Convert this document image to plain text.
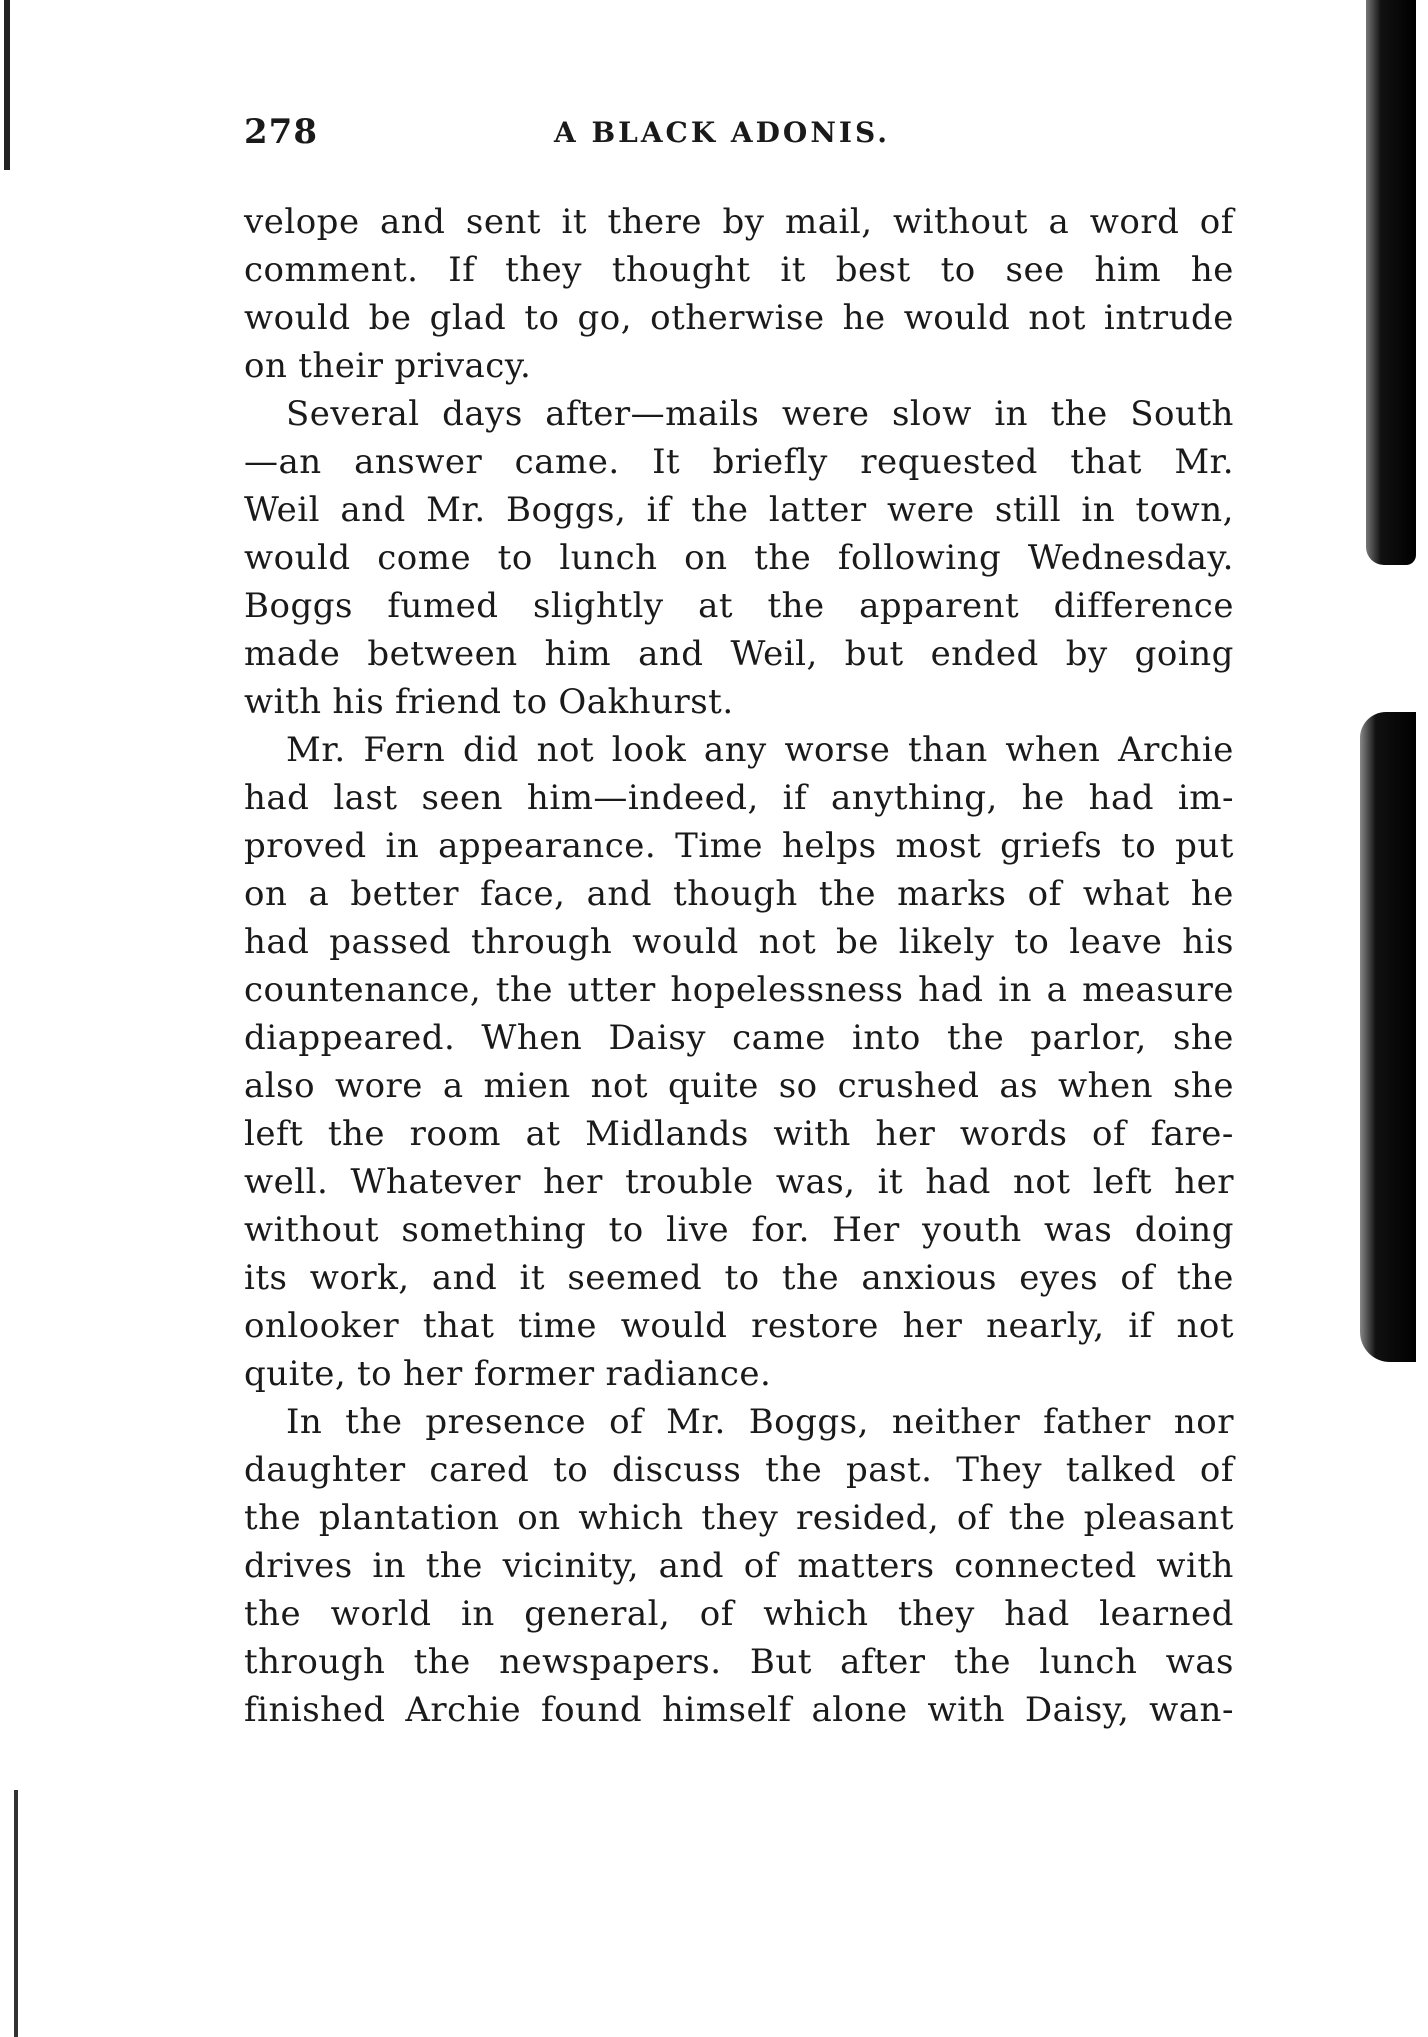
278	A BLACK ADONIS.
velope and sent it there by mail, without a word of
comment. If they thought it best to see him he
would be glad to go, otherwise he would not intrude
on their privacy.
Several days after—mails were slow in the South
—an answer came. It briefly requested that Mr.
Weil and Mr. Boggs, if the latter were still in town,
would come to lunch on the following Wednesday.
Boggs fumed slightly at the apparent difference
made between him and Weil, but ended by going
with his friend to Oakhurst.
Mr. Fern did not look any worse than when Archie
had last seen him—indeed, if anything, he had im-
proved in appearance. Time helps most griefs to put
on a better face, and though the marks of what he
had passed through would not be likely to leave his
countenance, the utter hopelessness had in a measure
diappeared. When Daisy came into the parlor, she
also wore a mien not quite so crushed as when she
left the room at Midlands with her words of fare-
well. Whatever her trouble was, it had not left her
without something to live for. Her youth was doing
its work, and it seemed to the anxious eyes of the
onlooker that time would restore her nearly, if not
quite, to her former radiance.
In the presence of Mr. Boggs, neither father nor
daughter cared to discuss the past. They talked of
the plantation on which they resided, of the pleasant
drives in the vicinity, and of matters connected with
the world in general, of which they had learned
through the newspapers. But after the lunch was
finished Archie found himself alone with Daisy, wan-
